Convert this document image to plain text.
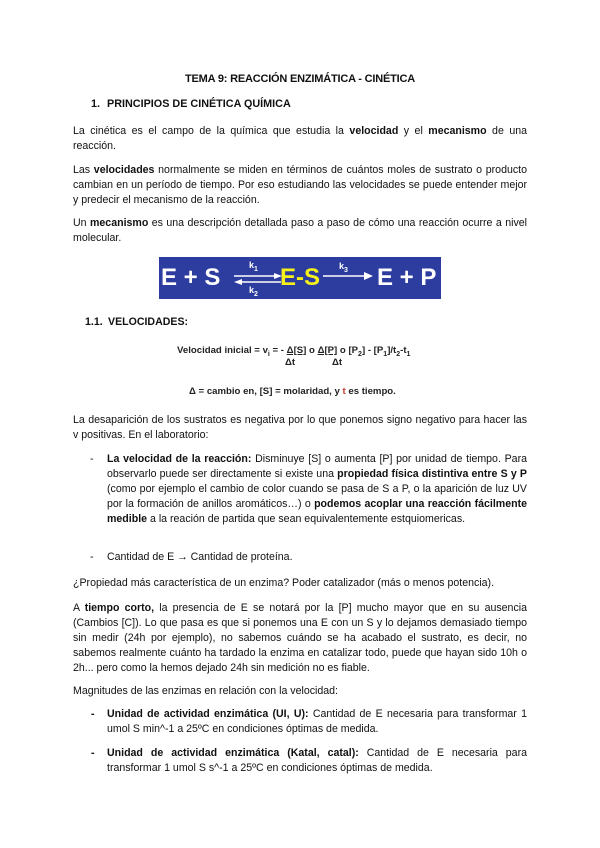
TEMA 9: REACCIÓN ENZIMÁTICA - CINÉTICA
1. PRINCIPIOS DE CINÉTICA QUÍMICA
La cinética es el campo de la química que estudia la velocidad y el mecanismo de una reacción.
Las velocidades normalmente se miden en términos de cuántos moles de sustrato o producto cambian en un período de tiempo. Por eso estudiando las velocidades se puede entender mejor y predecir el mecanismo de la reacción.
Un mecanismo es una descripción detallada paso a paso de cómo una reacción ocurre a nivel molecular.
E + S	$k_1$
$k_2$
E-S $k_3$ E + P
1.1. VELOCIDADES:
Velocidad inicial = $v_i$ = - Δ[S] o Δ[P] o $[P_2] - [P_1]/t_2-t_1$
Δt	Δt
Δ = cambio en, [S] = molaridad, y t es tiempo.
La desaparición de los sustratos es negativa por lo que ponemos signo negativo para hacer las v positivas. En el laboratorio:
- La velocidad de la reacción: Disminuye [S] o aumenta [P] por unidad de tiempo. Para observarlo puede ser directamente si existe una propiedad física distintiva entre S y P (como por ejemplo el cambio de color cuando se pasa de S a P, o la aparición de luz UV por la formación de anillos aromáticos…) o podemos acoplar una reacción fácilmente medible a la reación de partida que sean equivalentemente estquiomericas.
- Cantidad de E → Cantidad de proteína.
¿Propiedad más característica de un enzima? Poder catalizador (más o menos potencia).
A tiempo corto, la presencia de E se notará por la [P] mucho mayor que en su ausencia (Cambios [C]). Lo que pasa es que si ponemos una E con un S y lo dejamos demasiado tiempo sin medir (24h por ejemplo), no sabemos cuándo se ha acabado el sustrato, es decir, no sabemos realmente cuánto ha tardado la enzima en catalizar todo, puede que hayan sido 10h o 2h... pero como la hemos dejado 24h sin medición no es fiable.
Magnitudes de las enzimas en relación con la velocidad:
- Unidad de actividad enzimática (UI, U): Cantidad de E necesaria para transformar 1 umol S min^-1 a 25ºC en condiciones óptimas de medida.
- Unidad de actividad enzimática (Katal, catal): Cantidad de E necesaria para transformar 1 umol S s^-1 a 25ºC en condiciones óptimas de medida.
